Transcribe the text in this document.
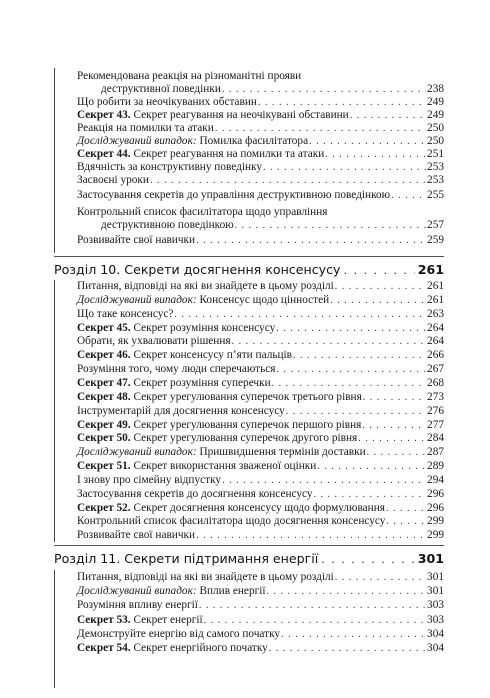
Рекомендована реакція на різноманітні прояви
деструктивної поведінки . . .	238
Що робити за неочікуваних обставин . . .	249
Секрет 43. Секрет реагування на неочікувані обставини . . .	249
Реакція на помилки та атаки . . .	250
Досліджуваний випадок: Помилка фасилітатора . . .	250
Секрет 44. Секрет реагування на помилки та атаки . . .	251
Вдячність за конструктивну поведінку . . .	253
Засвоєні уроки . . .	253
Застосування секретів до управління деструктивною поведінкою . . .	255
Контрольний список фасилітатора щодо управління
деструктивною поведінкою . . .	257
Розвивайте свої навички . . .	259
Розділ 10. Секрети досягнення консенсусу . . .	261
Питання, відповіді на які ви знайдете в цьому розділі . . .	261
Досліджуваний випадок: Консенсус щодо цінностей . . .	261
Що таке консенсус? . . .	263
Секрет 45. Секрет розуміння консенсусу . . .	264
Обрати, як ухвалювати рішення . . .	264
Секрет 46. Секрет консенсусу п’яти пальців . . .	266
Розуміння того, чому люди сперечаються . . .	267
Секрет 47. Секрет розуміння суперечки . . .	268
Секрет 48. Секрет урегулювання суперечок третього рівня . . .	273
Інструментарій для досягнення консенсусу . . .	276
Секрет 49. Секрет урегулювання суперечок першого рівня . . .	277
Секрет 50. Секрет урегулювання суперечок другого рівня . . .	284
Досліджуваний випадок: Пришвидшення термінів доставки . . .	287
Секрет 51. Секрет використання зваженої оцінки . . .	289
І знову про сімейну відпустку . . .	294
Застосування секретів до досягнення консенсусу . . .	296
Секрет 52. Секрет досягнення консенсусу щодо формулювання . . .	296
Контрольний список фасилітатора щодо досягнення консенсусу . . .	299
Розвивайте свої навички . . .	299
Розділ 11. Секрети підтримання енергії . . .	301
Питання, відповіді на які ви знайдете в цьому розділі . . .	301
Досліджуваний випадок: Вплив енергії . . .	301
Розуміння впливу енергії . . .	303
Секрет 53. Секрет енергії . . .	303
Демонструйте енергію від самого початку . . .	304
Секрет 54. Секрет енергійного початку . . .	304
